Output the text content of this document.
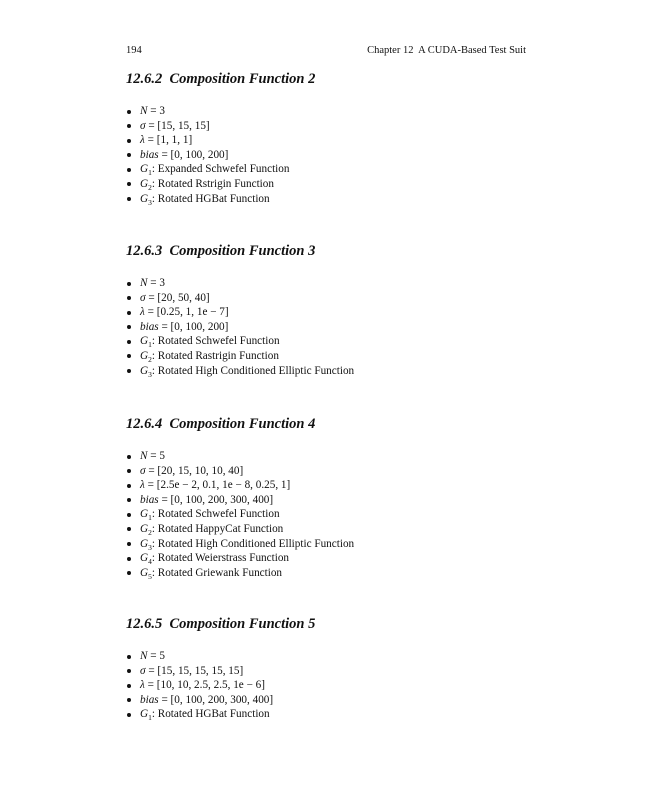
194	Chapter 12  A CUDA-Based Test Suit
12.6.2  Composition Function 2
N = 3
σ = [15, 15, 15]
λ = [1, 1, 1]
bias = [0, 100, 200]
$G_1$: Expanded Schwefel Function
$G_2$: Rotated Rstrigin Function
$G_3$: Rotated HGBat Function
12.6.3  Composition Function 3
N = 3
σ = [20, 50, 40]
λ = [0.25, 1, 1e − 7]
bias = [0, 100, 200]
$G_1$: Rotated Schwefel Function
$G_2$: Rotated Rastrigin Function
$G_3$: Rotated High Conditioned Elliptic Function
12.6.4  Composition Function 4
N = 5
σ = [20, 15, 10, 10, 40]
λ = [2.5e − 2, 0.1, 1e − 8, 0.25, 1]
bias = [0, 100, 200, 300, 400]
$G_1$: Rotated Schwefel Function
$G_2$: Rotated HappyCat Function
$G_3$: Rotated High Conditioned Elliptic Function
$G_4$: Rotated Weierstrass Function
$G_5$: Rotated Griewank Function
12.6.5  Composition Function 5
N = 5
σ = [15, 15, 15, 15, 15]
λ = [10, 10, 2.5, 2.5, 1e − 6]
bias = [0, 100, 200, 300, 400]
$G_1$: Rotated HGBat Function
